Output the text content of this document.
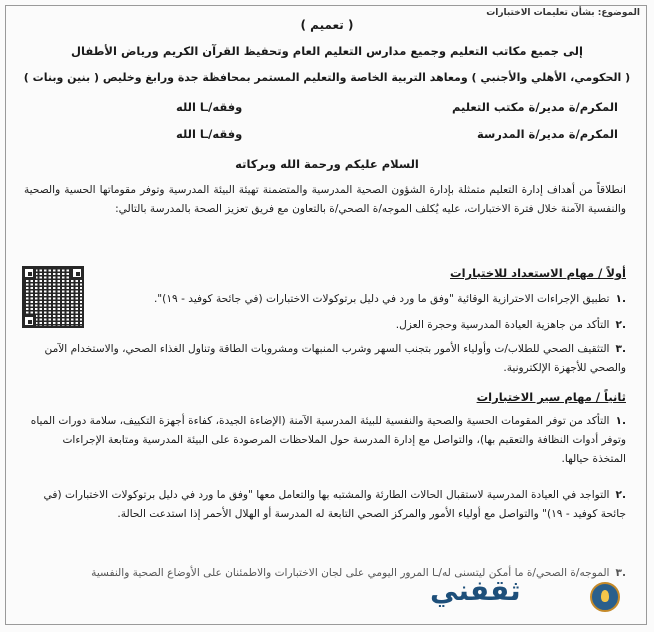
الموضوع: بشأن تعليمات الاختبارات
( تعميم )
إلى جميع مكاتب التعليم وجميع مدارس التعليم العام وتحفيظ القرآن الكريم ورياض الأطفال
( الحكومي، الأهلي والأجنبي ) ومعاهد التربية الخاصة والتعليم المستمر بمحافظة جدة ورابغ وخليص ( بنين وبنات )
المكرم/ة مدير/ة مكتب التعليم
وفقه/ـا الله
المكرم/ة مدير/ة المدرسة
وفقه/ـا الله
السلام عليكم ورحمة الله وبركاته
انطلاقاً من أهداف إدارة التعليم متمثلة بإدارة الشؤون الصحية المدرسية والمتضمنة تهيئة البيئة المدرسية وتوفر مقوماتها الحسية والصحية والنفسية الآمنة خلال فترة الاختبارات، عليه يُكلف الموجه/ة الصحي/ة بالتعاون مع فريق تعزيز الصحة بالمدرسة بالتالي:
أولاً / مهام الاستعداد للاختبارات
.١تطبيق الإجراءات الاحترازية الوقائية "وفق ما ورد في دليل برتوكولات الاختبارات (في جائحة كوفيد - ١٩)".
.٢التأكد من جاهزية العيادة المدرسية وحجرة العزل.
.٣التثقيف الصحي للطلاب/ت وأولياء الأمور بتجنب السهر وشرب المنبهات ومشروبات الطاقة وتناول الغذاء الصحي، والاستخدام الآمن والصحي للأجهزة الإلكترونية.
ثانياً / مهام سير الاختبارات
.١التأكد من توفر المقومات الحسية والصحية والنفسية للبيئة المدرسية الآمنة (الإضاءة الجيدة، كفاءة أجهزة التكييف، سلامة دورات المياه وتوفر أدوات النظافة والتعقيم بها)، والتواصل مع إدارة المدرسة حول الملاحظات المرصودة على البيئة المدرسية ومتابعة الإجراءات المتخذة حيالها.
.٢التواجد في العيادة المدرسية لاستقبال الحالات الطارئة والمشتبه بها والتعامل معها "وفق ما ورد في دليل برتوكولات الاختبارات (في جائحة كوفيد - ١٩)" والتواصل مع أولياء الأمور والمركز الصحي التابعة له المدرسة أو الهلال الأحمر إذا استدعت الحالة.
.٣الموجه/ة الصحي/ة ما أمكن ليتسنى له/ـا المرور اليومي على لجان الاختبارات والاطمئنان على الأوضاع الصحية والنفسية
ثقفني
